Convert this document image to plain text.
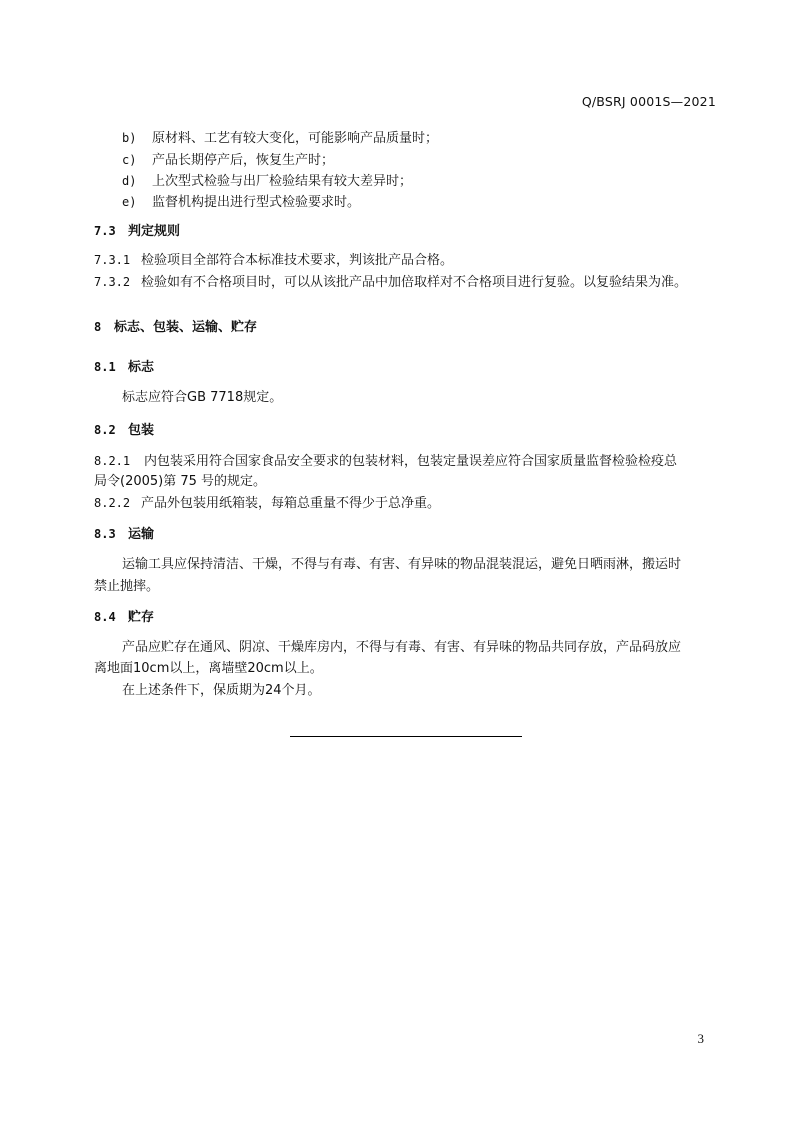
Q/BSRJ 0001S—2021
b) 原材料、工艺有较大变化，可能影响产品质量时；
c) 产品长期停产后，恢复生产时；
d) 上次型式检验与出厂检验结果有较大差异时；
e) 监督机构提出进行型式检验要求时。
7.3 判定规则
7.3.1 检验项目全部符合本标准技术要求，判该批产品合格。
7.3.2 检验如有不合格项目时，可以从该批产品中加倍取样对不合格项目进行复验。以复验结果为准。
8 标志、包装、运输、贮存
8.1 标志
标志应符合GB 7718规定。
8.2 包装
8.2.1 内包装采用符合国家食品安全要求的包装材料，包装定量误差应符合国家质量监督检验检疫总
局令(2005)第 75 号的规定。
8.2.2 产品外包装用纸箱装，每箱总重量不得少于总净重。
8.3 运输
运输工具应保持清洁、干燥，不得与有毒、有害、有异味的物品混装混运，避免日晒雨淋，搬运时
禁止抛摔。
8.4 贮存
产品应贮存在通风、阴凉、干燥库房内，不得与有毒、有害、有异味的物品共同存放，产品码放应
离地面10cm以上，离墙壁20cm以上。
在上述条件下，保质期为24个月。
3
